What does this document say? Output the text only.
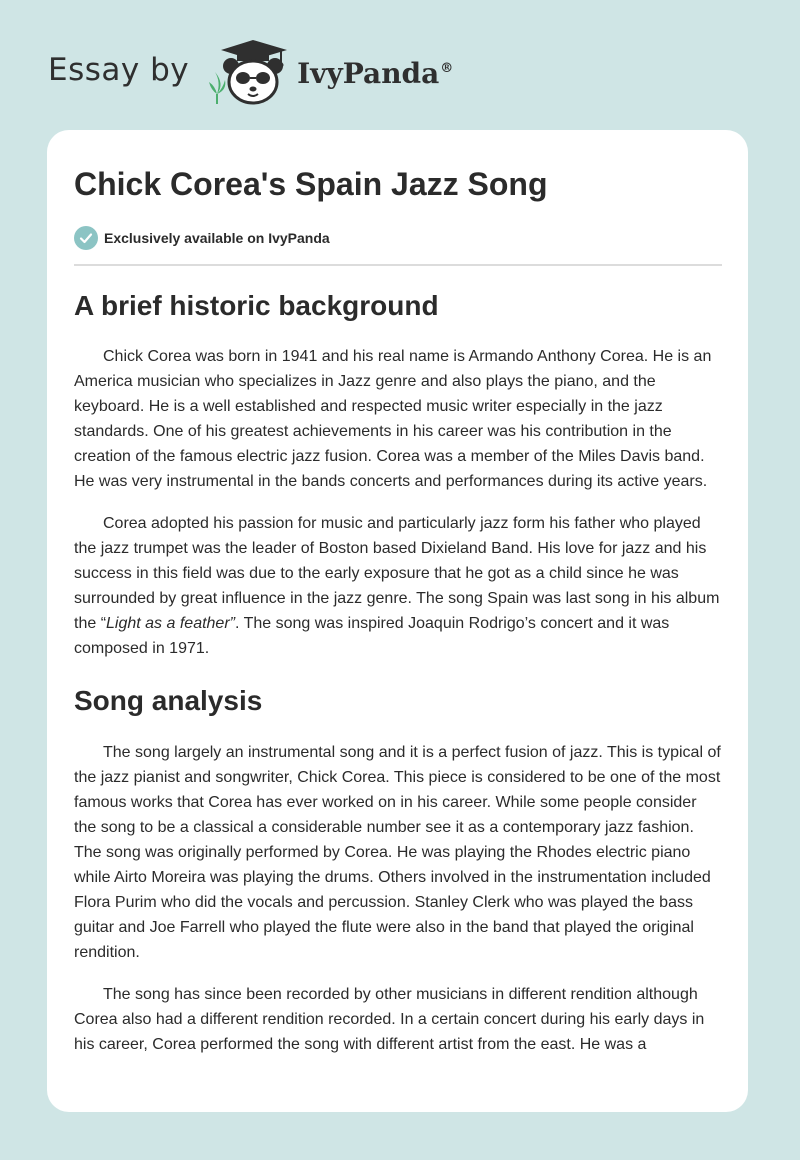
Essay by	IvyPanda®
Chick Corea's Spain Jazz Song
Exclusively available on IvyPanda
A brief historic background

Chick Corea was born in 1941 and his real name is Armando Anthony Corea. He is an America musician who specializes in Jazz genre and also plays the piano, and the keyboard. He is a well established and respected music writer especially in the jazz standards. One of his greatest achievements in his career was his contribution in the creation of the famous electric jazz fusion. Corea was a member of the Miles Davis band. He was very instrumental in the bands concerts and performances during its active years.

Corea adopted his passion for music and particularly jazz form his father who played the jazz trumpet was the leader of Boston based Dixieland Band. His love for jazz and his success in this field was due to the early exposure that he got as a child since he was surrounded by great influence in the jazz genre. The song Spain was last song in his album the “Light as a feather”. The song was inspired Joaquin Rodrigo’s concert and it was composed in 1971.

Song analysis

The song largely an instrumental song and it is a perfect fusion of jazz. This is typical of the jazz pianist and songwriter, Chick Corea. This piece is considered to be one of the most famous works that Corea has ever worked on in his career. While some people consider the song to be a classical a considerable number see it as a contemporary jazz fashion. The song was originally performed by Corea. He was playing the Rhodes electric piano while Airto Moreira was playing the drums. Others involved in the instrumentation included Flora Purim who did the vocals and percussion. Stanley Clerk who was played the bass guitar and Joe Farrell who played the flute were also in the band that played the original rendition.

The song has since been recorded by other musicians in different rendition although Corea also had a different rendition recorded. In a certain concert during his early days in his career, Corea performed the song with different artist from the east. He was a
